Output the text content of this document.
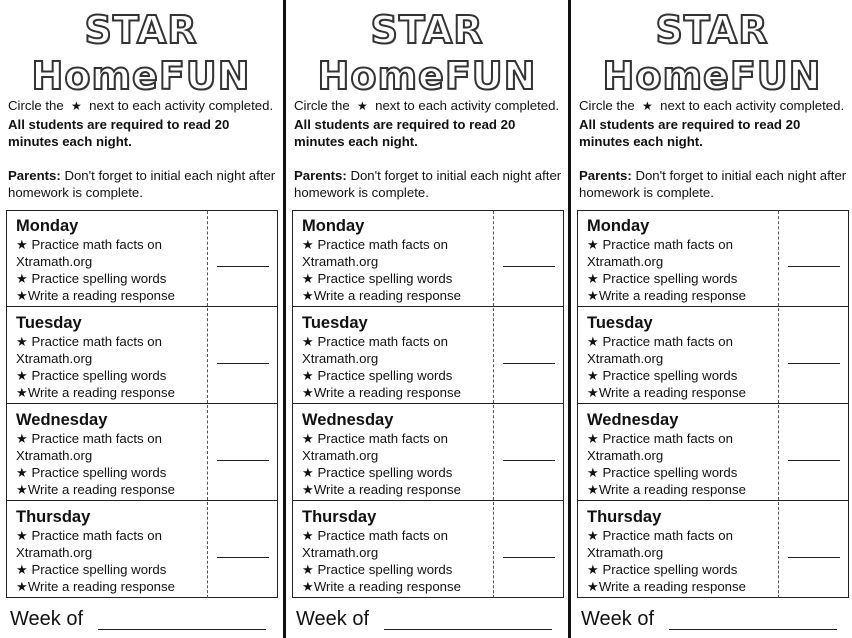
STAR
HomeFUN

Circle the ★ next to each activity completed. All students are required to read 20 minutes each night.

Parents: Don't forget to initial each night after homework is complete.

Monday
★ Practice math facts on
Xtramath.org
★ Practice spelling words
★Write a reading response
Tuesday
★ Practice math facts on
Xtramath.org
★ Practice spelling words
★Write a reading response
Wednesday
★ Practice math facts on
Xtramath.org
★ Practice spelling words
★Write a reading response
Thursday
★ Practice math facts on
Xtramath.org
★ Practice spelling words
★Write a reading response
Week of
STAR
HomeFUN

Circle the ★ next to each activity completed. All students are required to read 20 minutes each night.

Parents: Don't forget to initial each night after homework is complete.

Monday
★ Practice math facts on
Xtramath.org
★ Practice spelling words
★Write a reading response
Tuesday
★ Practice math facts on
Xtramath.org
★ Practice spelling words
★Write a reading response
Wednesday
★ Practice math facts on
Xtramath.org
★ Practice spelling words
★Write a reading response
Thursday
★ Practice math facts on
Xtramath.org
★ Practice spelling words
★Write a reading response
Week of
STAR
HomeFUN

Circle the ★ next to each activity completed. All students are required to read 20 minutes each night.

Parents: Don't forget to initial each night after homework is complete.

Monday
★ Practice math facts on
Xtramath.org
★ Practice spelling words
★Write a reading response
Tuesday
★ Practice math facts on
Xtramath.org
★ Practice spelling words
★Write a reading response
Wednesday
★ Practice math facts on
Xtramath.org
★ Practice spelling words
★Write a reading response
Thursday
★ Practice math facts on
Xtramath.org
★ Practice spelling words
★Write a reading response
Week of
